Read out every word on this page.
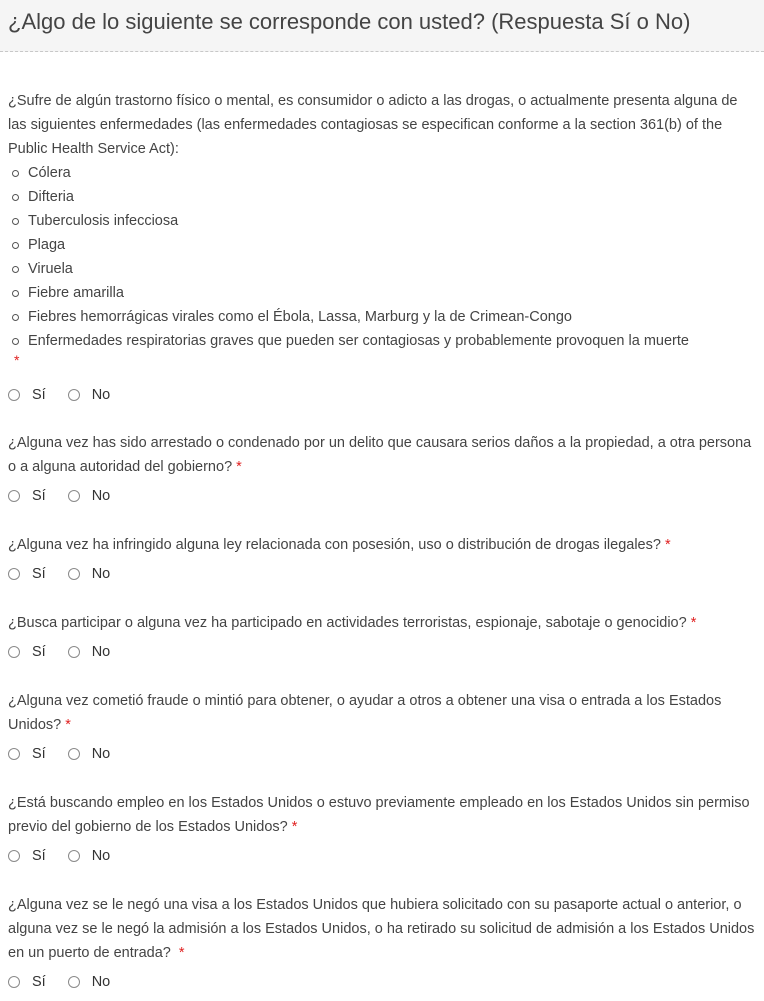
¿Algo de lo siguiente se corresponde con usted? (Respuesta Sí o No)
¿Sufre de algún trastorno físico o mental, es consumidor o adicto a las drogas, o actualmente presenta alguna de las siguientes enfermedades (las enfermedades contagiosas se especifican conforme a la section 361(b) of the Public Health Service Act):
Cólera
Difteria
Tuberculosis infecciosa
Plaga
Viruela
Fiebre amarilla
Fiebres hemorrágicas virales como el Ébola, Lassa, Marburg y la de Crimean-Congo
Enfermedades respiratorias graves que pueden ser contagiosas y probablemente provoquen la muerte
*
Sí	No
¿Alguna vez has sido arrestado o condenado por un delito que causara serios daños a la propiedad, a otra persona o a alguna autoridad del gobierno? *
Sí	No
¿Alguna vez ha infringido alguna ley relacionada con posesión, uso o distribución de drogas ilegales? *
Sí	No
¿Busca participar o alguna vez ha participado en actividades terroristas, espionaje, sabotaje o genocidio? *
Sí	No
¿Alguna vez cometió fraude o mintió para obtener, o ayudar a otros a obtener una visa o entrada a los Estados Unidos? *
Sí	No
¿Está buscando empleo en los Estados Unidos o estuvo previamente empleado en los Estados Unidos sin permiso previo del gobierno de los Estados Unidos? *
Sí	No
¿Alguna vez se le negó una visa a los Estados Unidos que hubiera solicitado con su pasaporte actual o anterior, o alguna vez se le negó la admisión a los Estados Unidos, o ha retirado su solicitud de admisión a los Estados Unidos en un puerto de entrada? *
Sí	No
